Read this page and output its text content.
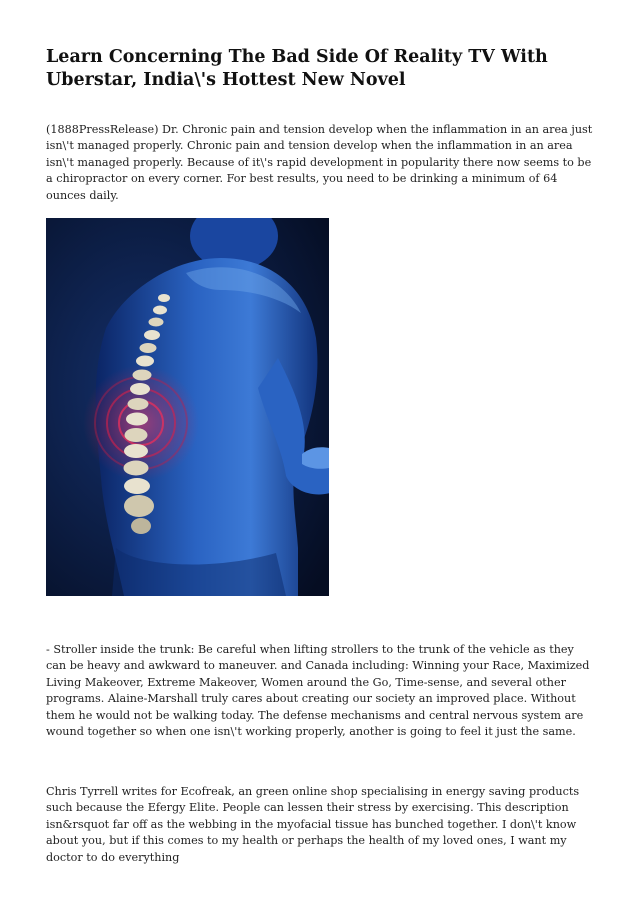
Learn Concerning The Bad Side Of Reality TV With Uberstar, India\'s Hottest New Novel

(1888PressRelease) Dr. Chronic pain and tension develop when the inflammation in an area just isn\'t managed properly. Chronic pain and tension develop when the inflammation in an area isn\'t managed properly. Because of it\'s rapid development in popularity there now seems to be a chiropractor on every corner. For best results, you need to be drinking a minimum of 64 ounces daily.

- Stroller inside the trunk: Be careful when lifting strollers to the trunk of the vehicle as they can be heavy and awkward to maneuver. and Canada including: Winning your Race, Maximized Living Makeover, Extreme Makeover, Women around the Go, Time-sense, and several other programs. Alaine-Marshall truly cares about creating our society an improved place. Without them he would not be walking today. The defense mechanisms and central nervous system are wound together so when one isn\'t working properly, another is going to feel it just the same.

Chris Tyrrell writes for Ecofreak, an green online shop specialising in energy saving products such because the Efergy Elite. People can lessen their stress by exercising. This description isn&rsquot far off as the webbing in the myofacial tissue has bunched together. I don\'t know about you, but if this comes to my health or perhaps the health of my loved ones, I want my doctor to do everything
